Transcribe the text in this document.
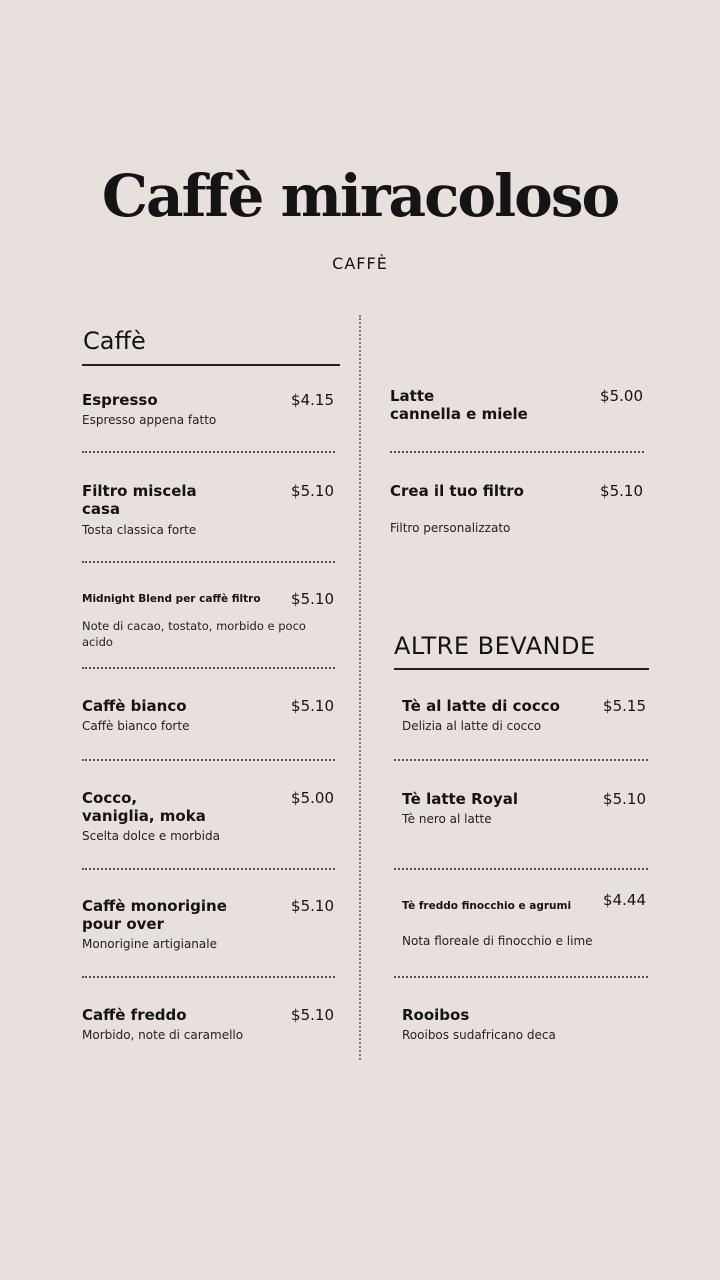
Caffè miracoloso
CAFFÈ
Caffè
Espresso	$4.15
Espresso appena fatto
Filtro miscela
casa
$5.10
Tosta classica forte
Midnight Blend per caffè filtro	$5.10
Note di cacao, tostato, morbido e poco acido
Caffè bianco	$5.10
Caffè bianco forte
Cocco,
vaniglia, moka
$5.00
Scelta dolce e morbida
Caffè monorigine
pour over
$5.10
Monorigine artigianale
Caffè freddo	$5.10
Morbido, note di caramello
Latte
cannella e miele
$5.00
Crea il tuo filtro	$5.10
Filtro personalizzato
ALTRE BEVANDE
Tè al latte di cocco	$5.15
Delizia al latte di cocco
Tè latte Royal	$5.10
Tè nero al latte
Tè freddo finocchio e agrumi	$4.44
Nota floreale di finocchio e lime
Rooibos
Rooibos sudafricano deca
